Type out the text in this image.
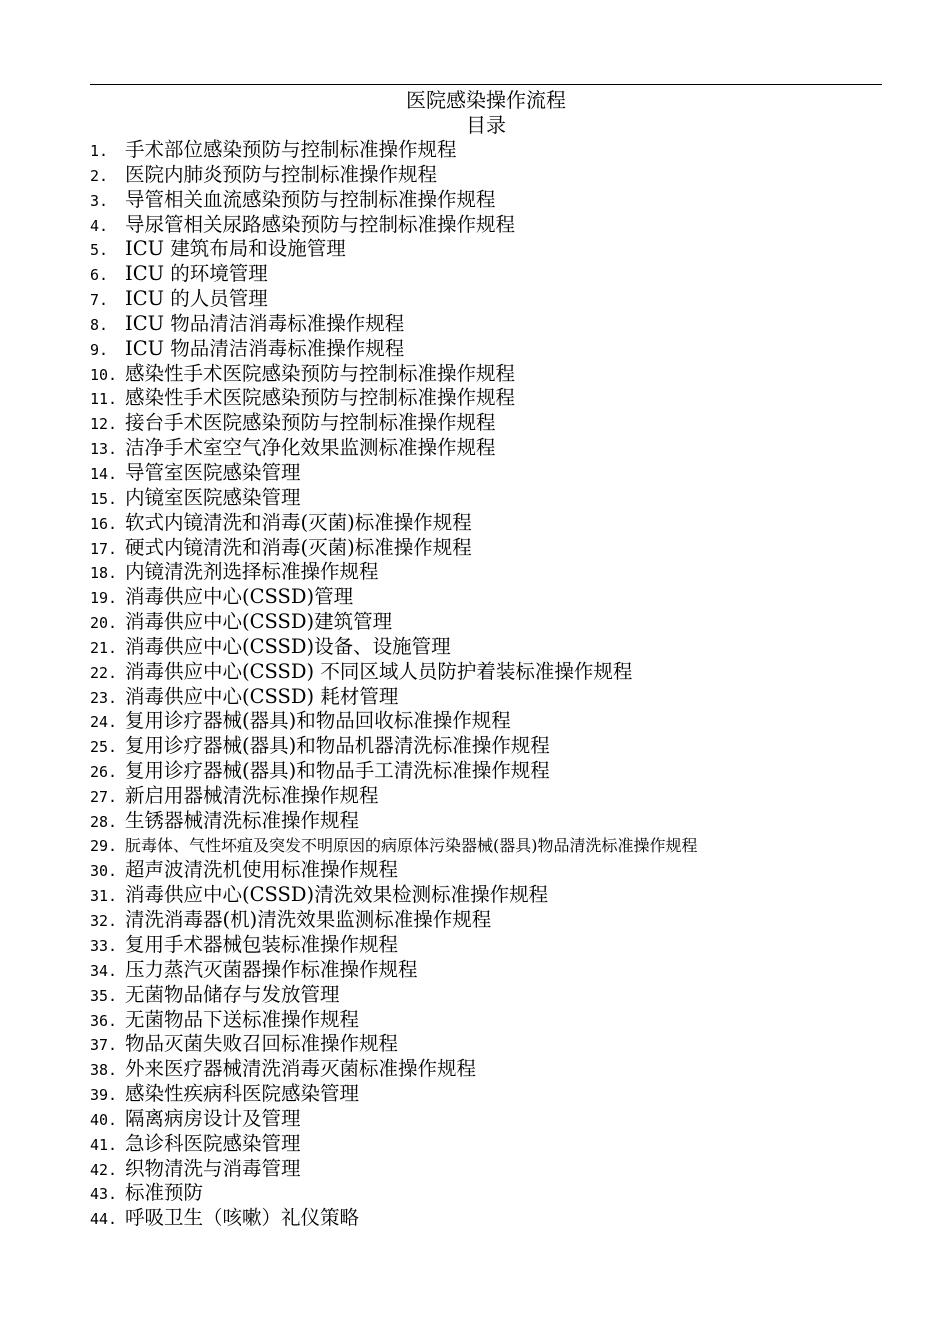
医院感染操作流程
目录
1. 手术部位感染预防与控制标准操作规程
2. 医院内肺炎预防与控制标准操作规程
3. 导管相关血流感染预防与控制标准操作规程
4. 导尿管相关尿路感染预防与控制标准操作规程
5. ICU 建筑布局和设施管理
6. ICU 的环境管理
7. ICU 的人员管理
8. ICU 物品清洁消毒标准操作规程
9. ICU 物品清洁消毒标准操作规程
10. 感染性手术医院感染预防与控制标准操作规程
11. 感染性手术医院感染预防与控制标准操作规程
12. 接台手术医院感染预防与控制标准操作规程
13. 洁净手术室空气净化效果监测标准操作规程
14. 导管室医院感染管理
15. 内镜室医院感染管理
16. 软式内镜清洗和消毒(灭菌)标准操作规程
17. 硬式内镜清洗和消毒(灭菌)标准操作规程
18. 内镜清洗剂选择标准操作规程
19. 消毒供应中心(CSSD)管理
20. 消毒供应中心(CSSD)建筑管理
21. 消毒供应中心(CSSD)设备、设施管理
22. 消毒供应中心(CSSD) 不同区域人员防护着装标准操作规程
23. 消毒供应中心(CSSD) 耗材管理
24. 复用诊疗器械(器具)和物品回收标准操作规程
25. 复用诊疗器械(器具)和物品机器清洗标准操作规程
26. 复用诊疗器械(器具)和物品手工清洗标准操作规程
27. 新启用器械清洗标准操作规程
28. 生锈器械清洗标准操作规程
29. 朊毒体、气性坏疽及突发不明原因的病原体污染器械(器具)物品清洗标准操作规程
30. 超声波清洗机使用标准操作规程
31. 消毒供应中心(CSSD)清洗效果检测标准操作规程
32. 清洗消毒器(机)清洗效果监测标准操作规程
33. 复用手术器械包装标准操作规程
34. 压力蒸汽灭菌器操作标准操作规程
35. 无菌物品储存与发放管理
36. 无菌物品下送标准操作规程
37. 物品灭菌失败召回标准操作规程
38. 外来医疗器械清洗消毒灭菌标准操作规程
39. 感染性疾病科医院感染管理
40. 隔离病房设计及管理
41. 急诊科医院感染管理
42. 织物清洗与消毒管理
43. 标准预防
44. 呼吸卫生（咳嗽）礼仪策略
